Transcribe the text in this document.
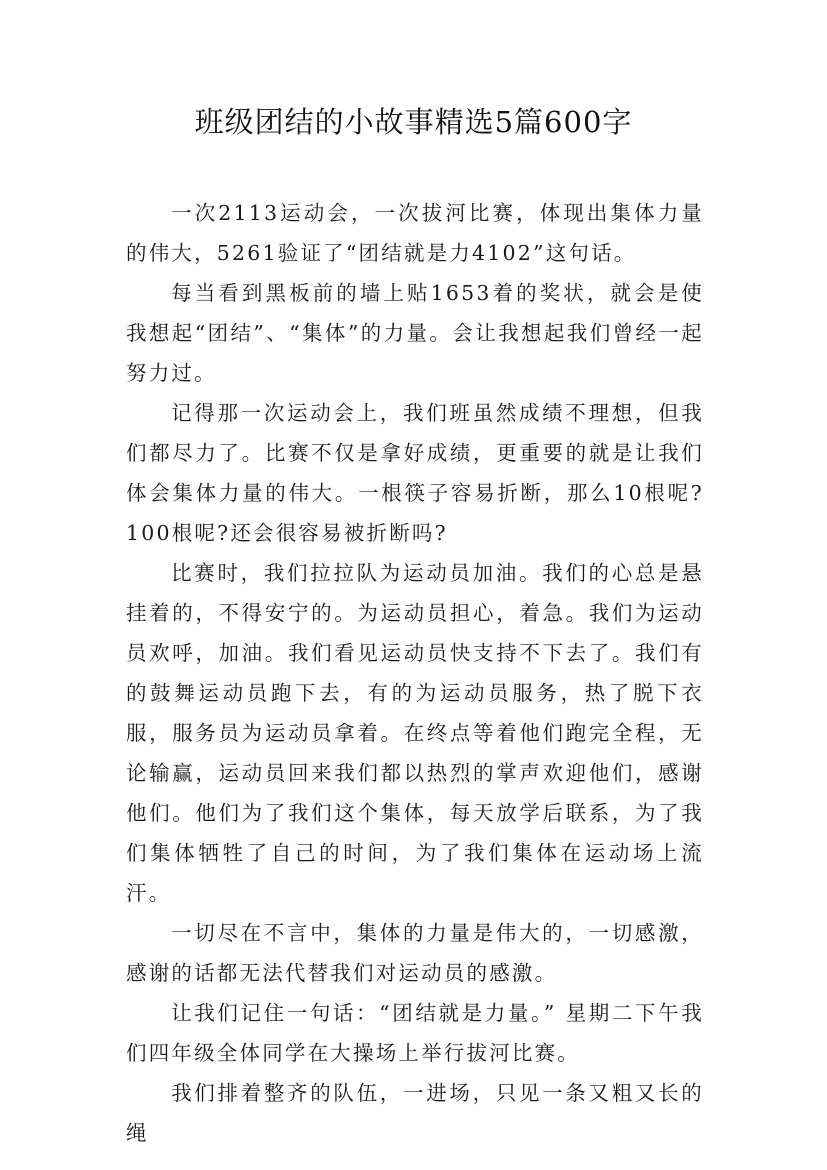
班级团结的小故事精选5篇600字

一次2113运动会，一次拔河比赛，体现出集体力量的伟大，5261验证了“团结就是力4102”这句话。

每当看到黑板前的墙上贴1653着的奖状，就会是使我想起“团结”、“集体”的力量。会让我想起我们曾经一起努力过。

记得那一次运动会上，我们班虽然成绩不理想，但我们都尽力了。比赛不仅是拿好成绩，更重要的就是让我们体会集体力量的伟大。一根筷子容易折断，那么10根呢?100根呢?还会很容易被折断吗?

比赛时，我们拉拉队为运动员加油。我们的心总是悬挂着的，不得安宁的。为运动员担心，着急。我们为运动员欢呼，加油。我们看见运动员快支持不下去了。我们有的鼓舞运动员跑下去，有的为运动员服务，热了脱下衣服，服务员为运动员拿着。在终点等着他们跑完全程，无论输赢，运动员回来我们都以热烈的掌声欢迎他们，感谢他们。他们为了我们这个集体，每天放学后联系，为了我们集体牺牲了自己的时间，为了我们集体在运动场上流汗。

一切尽在不言中，集体的力量是伟大的，一切感激，感谢的话都无法代替我们对运动员的感激。

让我们记住一句话：“团结就是力量。” 星期二下午我们四年级全体同学在大操场上举行拔河比赛。

我们排着整齐的队伍，一进场，只见一条又粗又长的绳
